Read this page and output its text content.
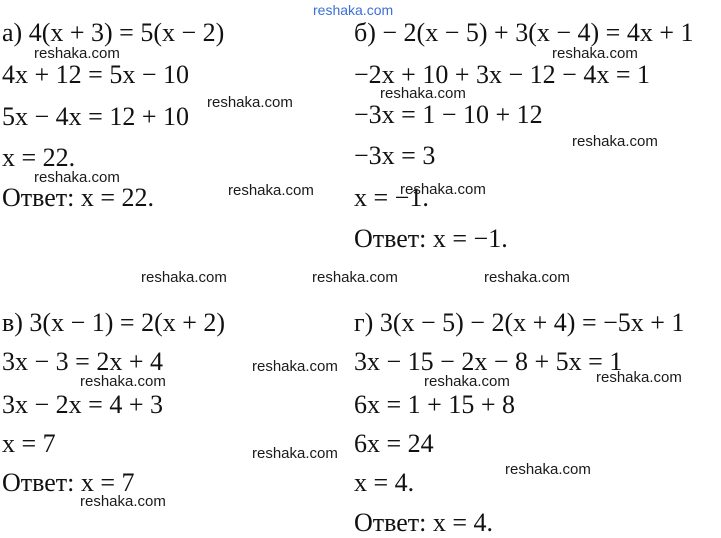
reshaka.com
а) 4(x + 3) = 5(x − 2)
4x + 12 = 5x − 10
5x − 4x = 12 + 10
x = 22.
Ответ: x = 22.
б) − 2(x − 5) + 3(x − 4) = 4x + 1
−2x + 10 + 3x − 12 − 4x = 1
−3x = 1 − 10 + 12
−3x = 3
x = −1.
Ответ: x = −1.
в) 3(x − 1) = 2(x + 2)
3x − 3 = 2x + 4
3x − 2x = 4 + 3
x = 7
Ответ: x = 7
г) 3(x − 5) − 2(x + 4) = −5x + 1
3x − 15 − 2x − 8 + 5x = 1
6x = 1 + 15 + 8
6x = 24
x = 4.
Ответ: x = 4.
reshaka.com
reshaka.com
reshaka.com
reshaka.com
reshaka.com
reshaka.com
reshaka.com
reshaka.com
reshaka.com	reshaka.com	reshaka.com
reshaka.com
reshaka.com	reshaka.com	reshaka.com
reshaka.com
reshaka.com
reshaka.com
